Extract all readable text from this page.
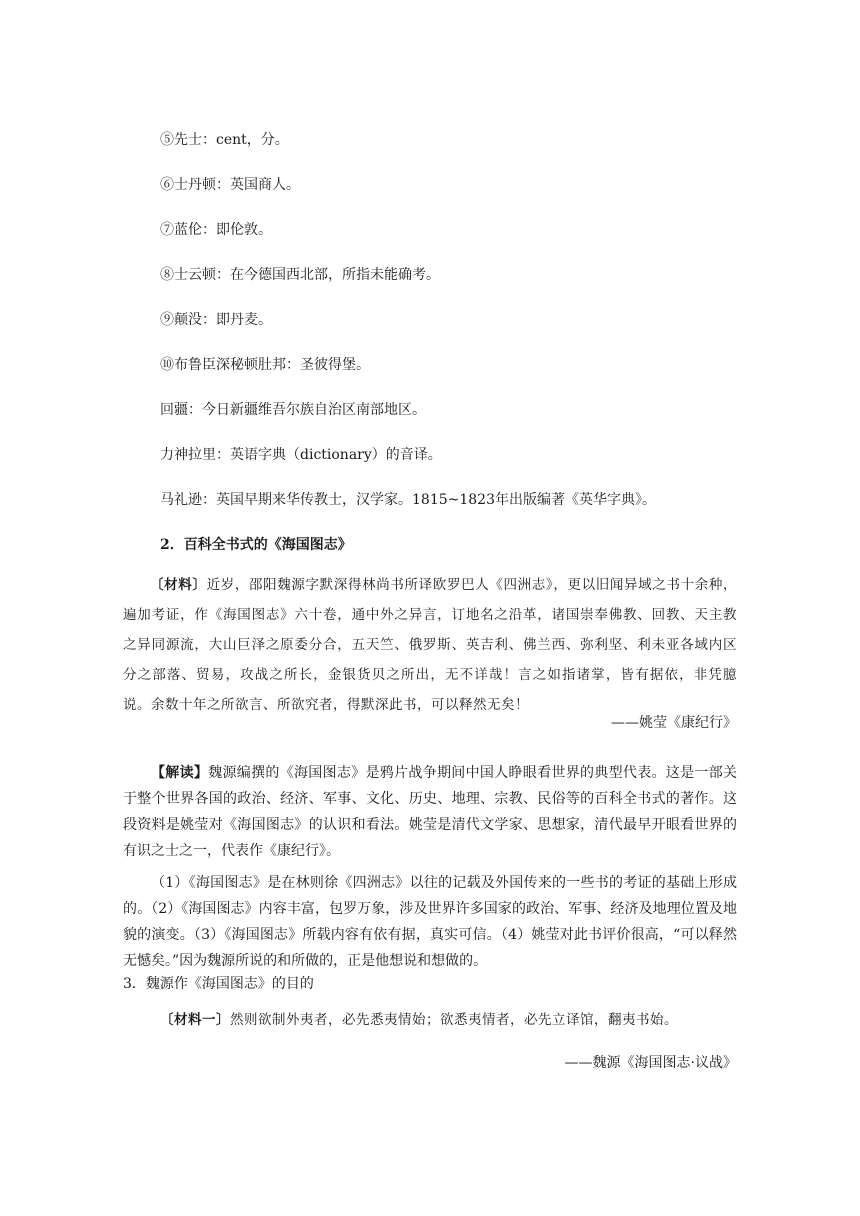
⑤先士：cent，分。

⑥士丹顿：英国商人。

⑦蓝伦：即伦敦。

⑧士云顿：在今德国西北部，所指未能确考。

⑨颠没：即丹麦。

⑩布鲁臣深秘顿肚邦：圣彼得堡。

回疆：今日新疆维吾尔族自治区南部地区。

力神拉里：英语字典（dictionary）的音译。

马礼逊：英国早期来华传教士，汉学家。1815~1823年出版编著《英华字典》。

2．百科全书式的《海国图志》

〔材料〕近岁，邵阳魏源字默深得林尚书所译欧罗巴人《四洲志》，更以旧闻异域之书十余种，遍加考证，作《海国图志》六十卷，通中外之异言，订地名之沿革，诸国崇奉佛教、回教、天主教之异同源流，大山巨泽之原委分合，五天竺、俄罗斯、英吉利、佛兰西、弥利坚、利未亚各域内区分之部落、贸易，攻战之所长，金银货贝之所出，无不详哉！言之如指诸掌，皆有据依，非凭臆说。余数十年之所欲言、所欲究者，得默深此书，可以释然无矣！

——姚莹《康纪行》

【解读】魏源编撰的《海国图志》是鸦片战争期间中国人睁眼看世界的典型代表。这是一部关于整个世界各国的政治、经济、军事、文化、历史、地理、宗教、民俗等的百科全书式的著作。这段资料是姚莹对《海国图志》的认识和看法。姚莹是清代文学家、思想家，清代最早开眼看世界的有识之士之一，代表作《康纪行》。

（1）《海国图志》是在林则徐《四洲志》以往的记载及外国传来的一些书的考证的基础上形成的。（2）《海国图志》内容丰富，包罗万象，涉及世界许多国家的政治、军事、经济及地理位置及地貌的演变。（3）《海国图志》所载内容有依有据，真实可信。（4）姚莹对此书评价很高，“可以释然无憾矣。”因为魏源所说的和所做的，正是他想说和想做的。

3．魏源作《海国图志》的目的

〔材料一〕然则欲制外夷者，必先悉夷情始；欲悉夷情者，必先立译馆，翻夷书始。

——魏源《海国图志·议战》
